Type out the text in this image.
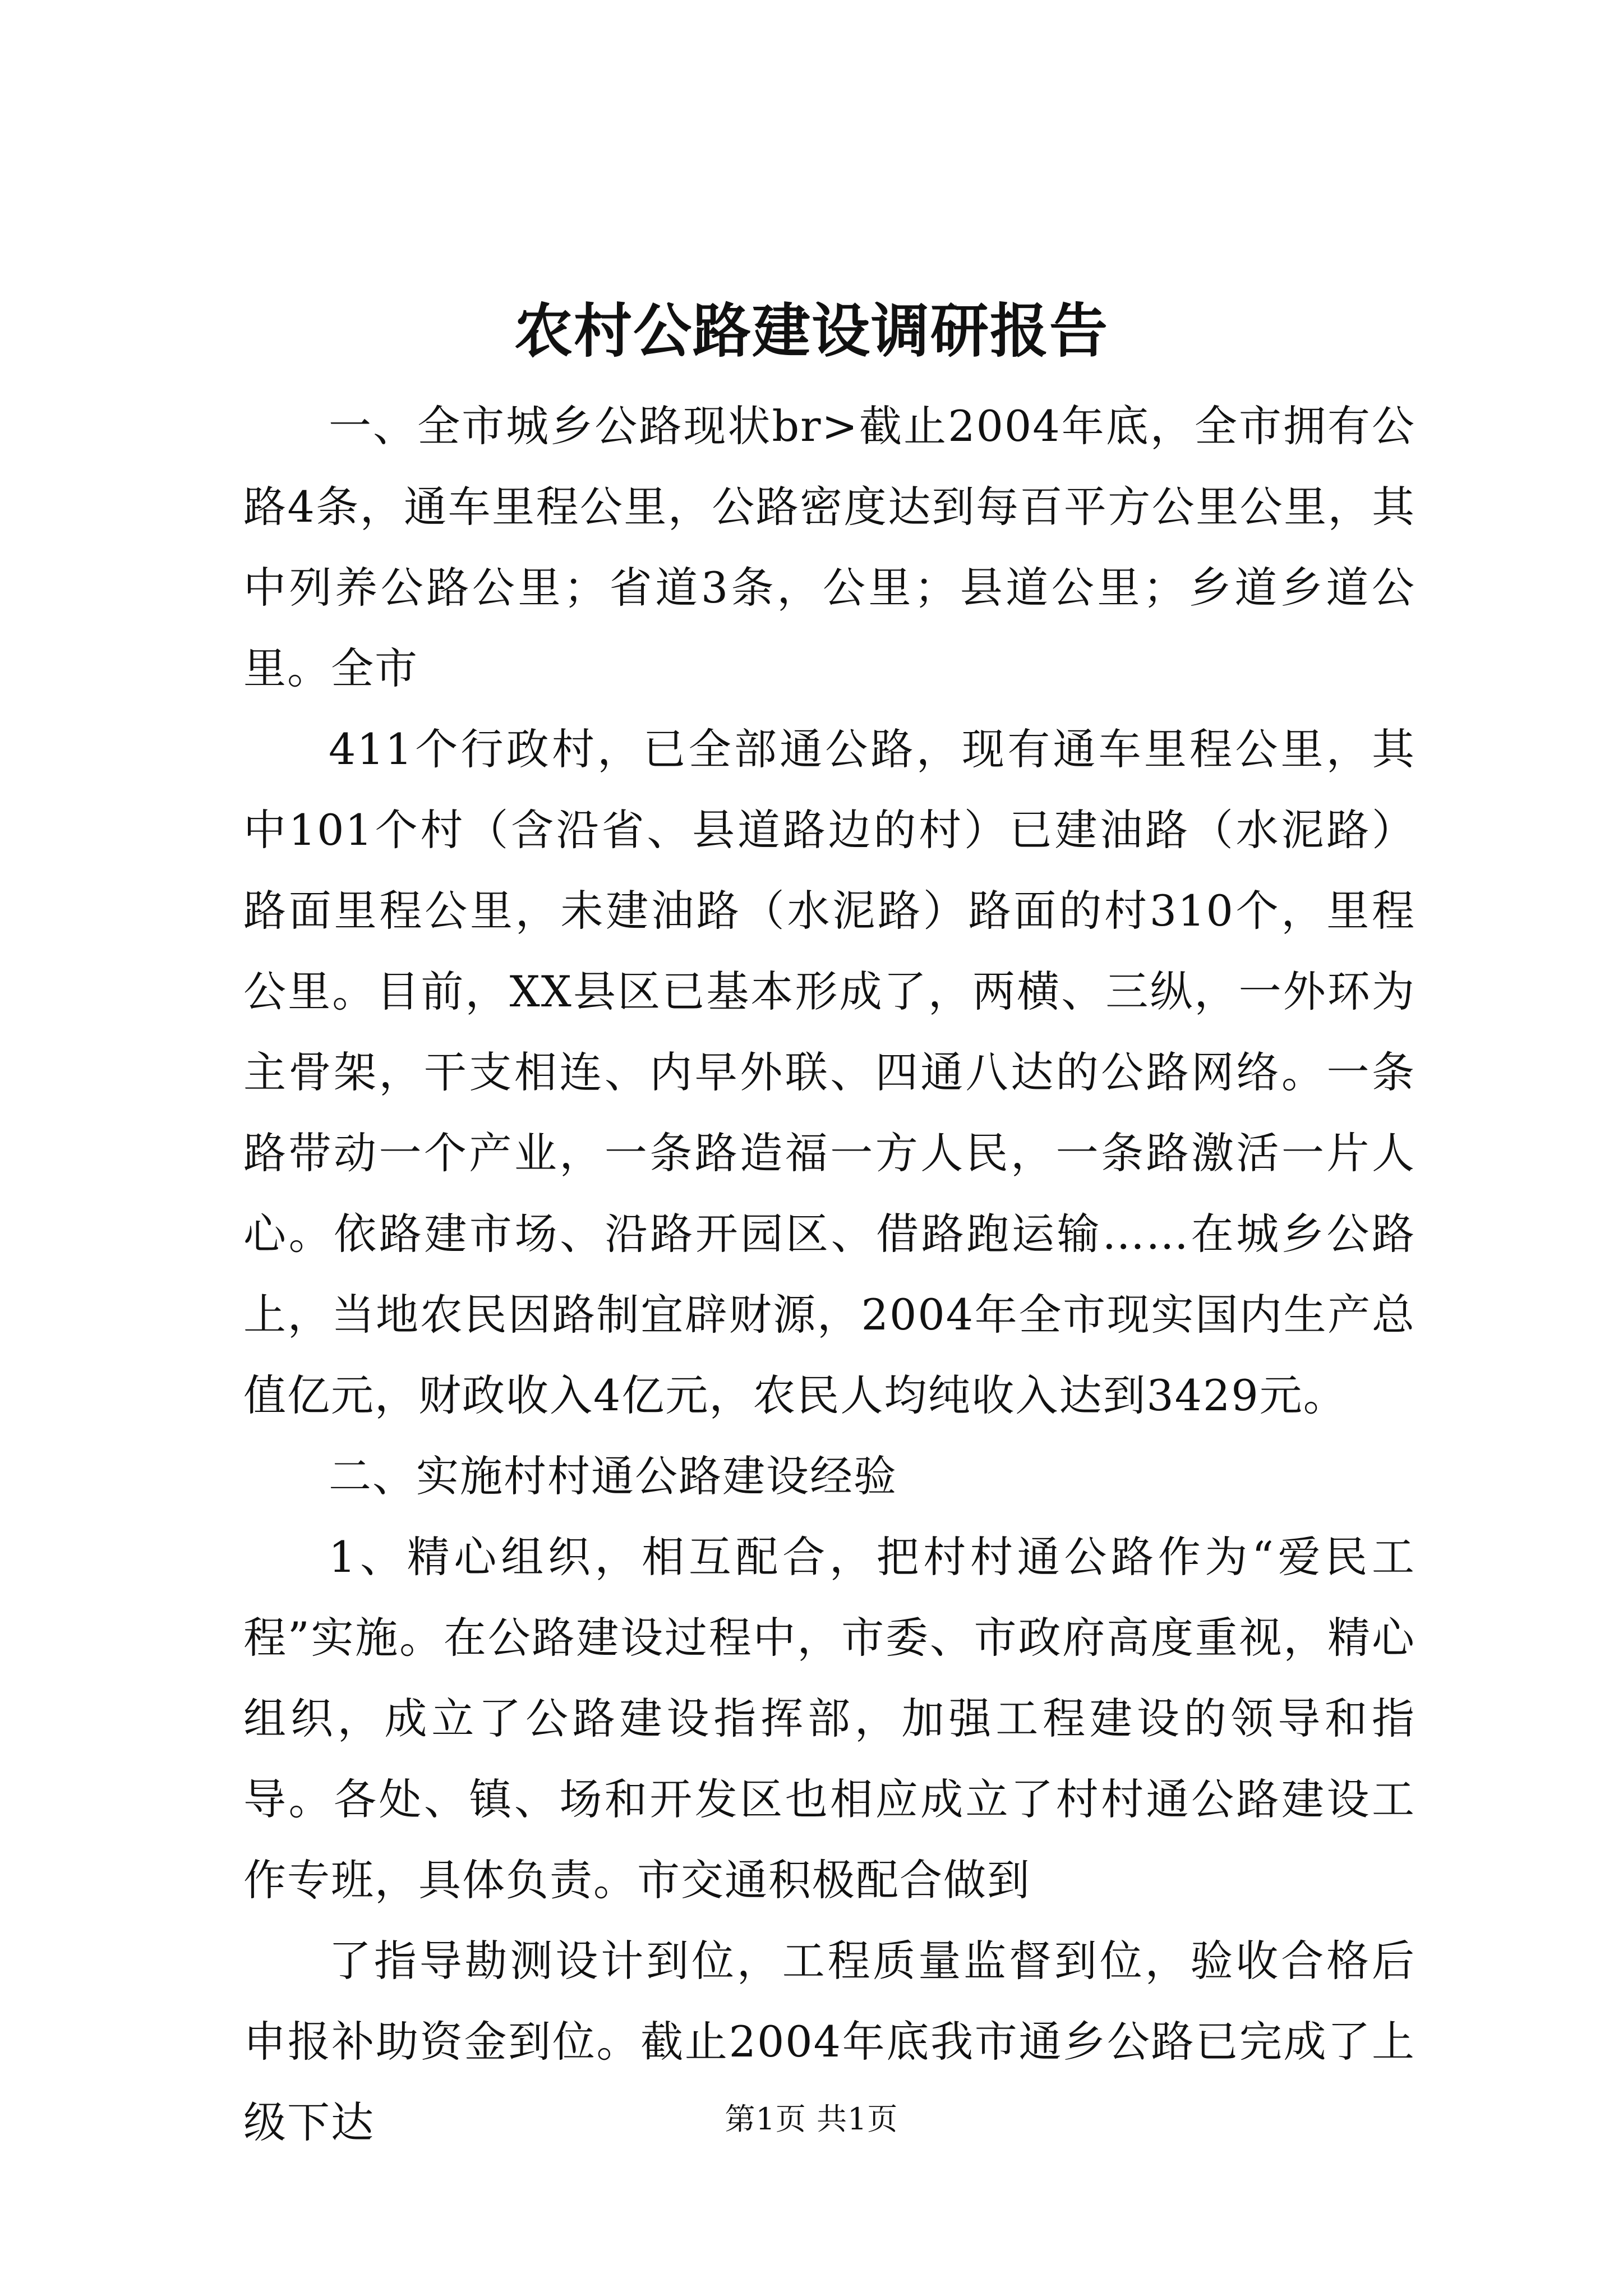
农村公路建设调研报告

一、全市城乡公路现状br>截止2004年底，全市拥有公路4条，通车里程公里，公路密度达到每百平方公里公里，其中列养公路公里；省道3条，公里；县道公里；乡道乡道公里。全市

411个行政村，已全部通公路，现有通车里程公里，其中101个村（含沿省、县道路边的村）已建油路（水泥路）路面里程公里，未建油路（水泥路）路面的村310个，里程公里。目前，XX县区已基本形成了，两横、三纵，一外环为主骨架，干支相连、内早外联、四通八达的公路网络。一条路带动一个产业，一条路造福一方人民，一条路激活一片人心。依路建市场、沿路开园区、借路跑运输……在城乡公路上，当地农民因路制宜辟财源，2004年全市现实国内生产总值亿元，财政收入4亿元，农民人均纯收入达到3429元。

二、实施村村通公路建设经验

1、精心组织，相互配合，把村村通公路作为“爱民工程”实施。在公路建设过程中，市委、市政府高度重视，精心组织，成立了公路建设指挥部，加强工程建设的领导和指导。各处、镇、场和开发区也相应成立了村村通公路建设工作专班，具体负责。市交通积极配合做到

了指导勘测设计到位，工程质量监督到位，验收合格后申报补助资金到位。截止2004年底我市通乡公路已完成了上级下达	第1页 共1页
